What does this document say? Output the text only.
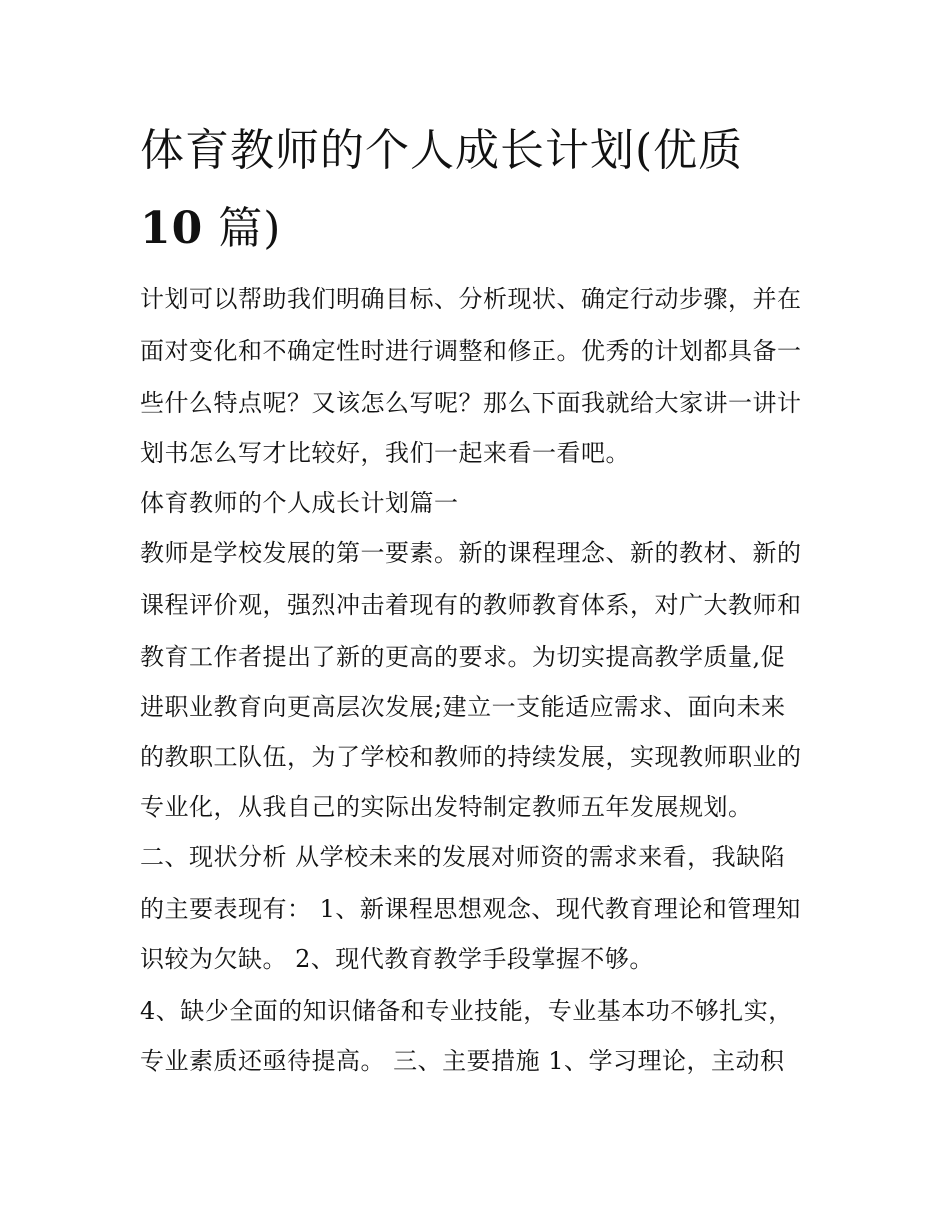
体育教师的个人成长计划(优质
10 篇)

计划可以帮助我们明确目标、分析现状、确定行动步骤，并在

面对变化和不确定性时进行调整和修正。优秀的计划都具备一

些什么特点呢？又该怎么写呢？那么下面我就给大家讲一讲计

划书怎么写才比较好，我们一起来看一看吧。

体育教师的个人成长计划篇一

教师是学校发展的第一要素。新的课程理念、新的教材、新的

课程评价观，强烈冲击着现有的教师教育体系，对广大教师和

教育工作者提出了新的更高的要求。为切实提高教学质量,促

进职业教育向更高层次发展;建立一支能适应需求、面向未来

的教职工队伍，为了学校和教师的持续发展，实现教师职业的

专业化，从我自己的实际出发特制定教师五年发展规划。

二、现状分析 从学校未来的发展对师资的需求来看，我缺陷

的主要表现有： 1、新课程思想观念、现代教育理论和管理知

识较为欠缺。 2、现代教育教学手段掌握不够。

4、缺少全面的知识储备和专业技能，专业基本功不够扎实，

专业素质还亟待提高。 三、主要措施 1、学习理论，主动积
